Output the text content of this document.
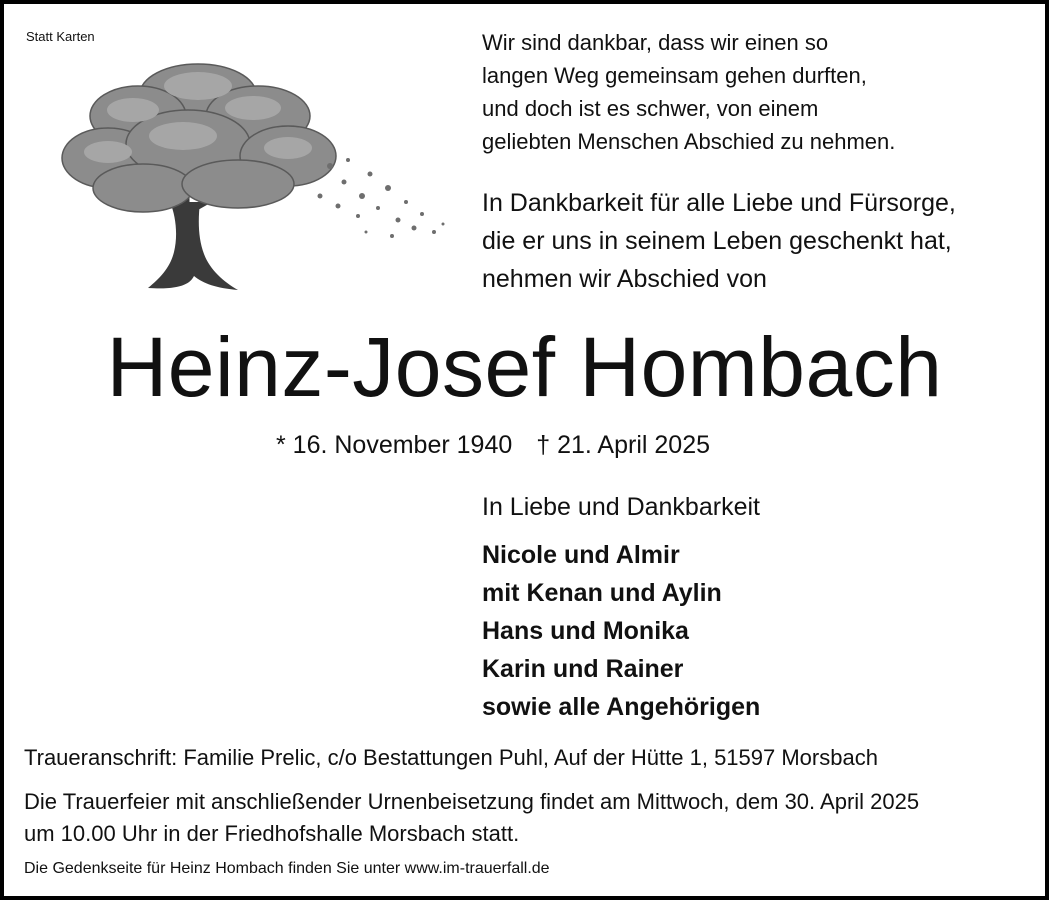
Statt Karten	Wir sind dankbar, dass wir einen so
langen Weg gemeinsam gehen durften,
und doch ist es schwer, von einem
geliebten Menschen Abschied zu nehmen.
In Dankbarkeit für alle Liebe und Fürsorge,
die er uns in seinem Leben geschenkt hat,
nehmen wir Abschied von
Heinz-Josef Hombach
* 16. November 1940 † 21. April 2025
In Liebe und Dankbarkeit
Nicole und Almir
mit Kenan und Aylin
Hans und Monika
Karin und Rainer
sowie alle Angehörigen
Traueranschrift: Familie Prelic, c/o Bestattungen Puhl, Auf der Hütte 1, 51597 Morsbach
Die Trauerfeier mit anschließender Urnenbeisetzung findet am Mittwoch, dem 30. April 2025
um 10.00 Uhr in der Friedhofshalle Morsbach statt.
Die Gedenkseite für Heinz Hombach finden Sie unter www.im-trauerfall.de
